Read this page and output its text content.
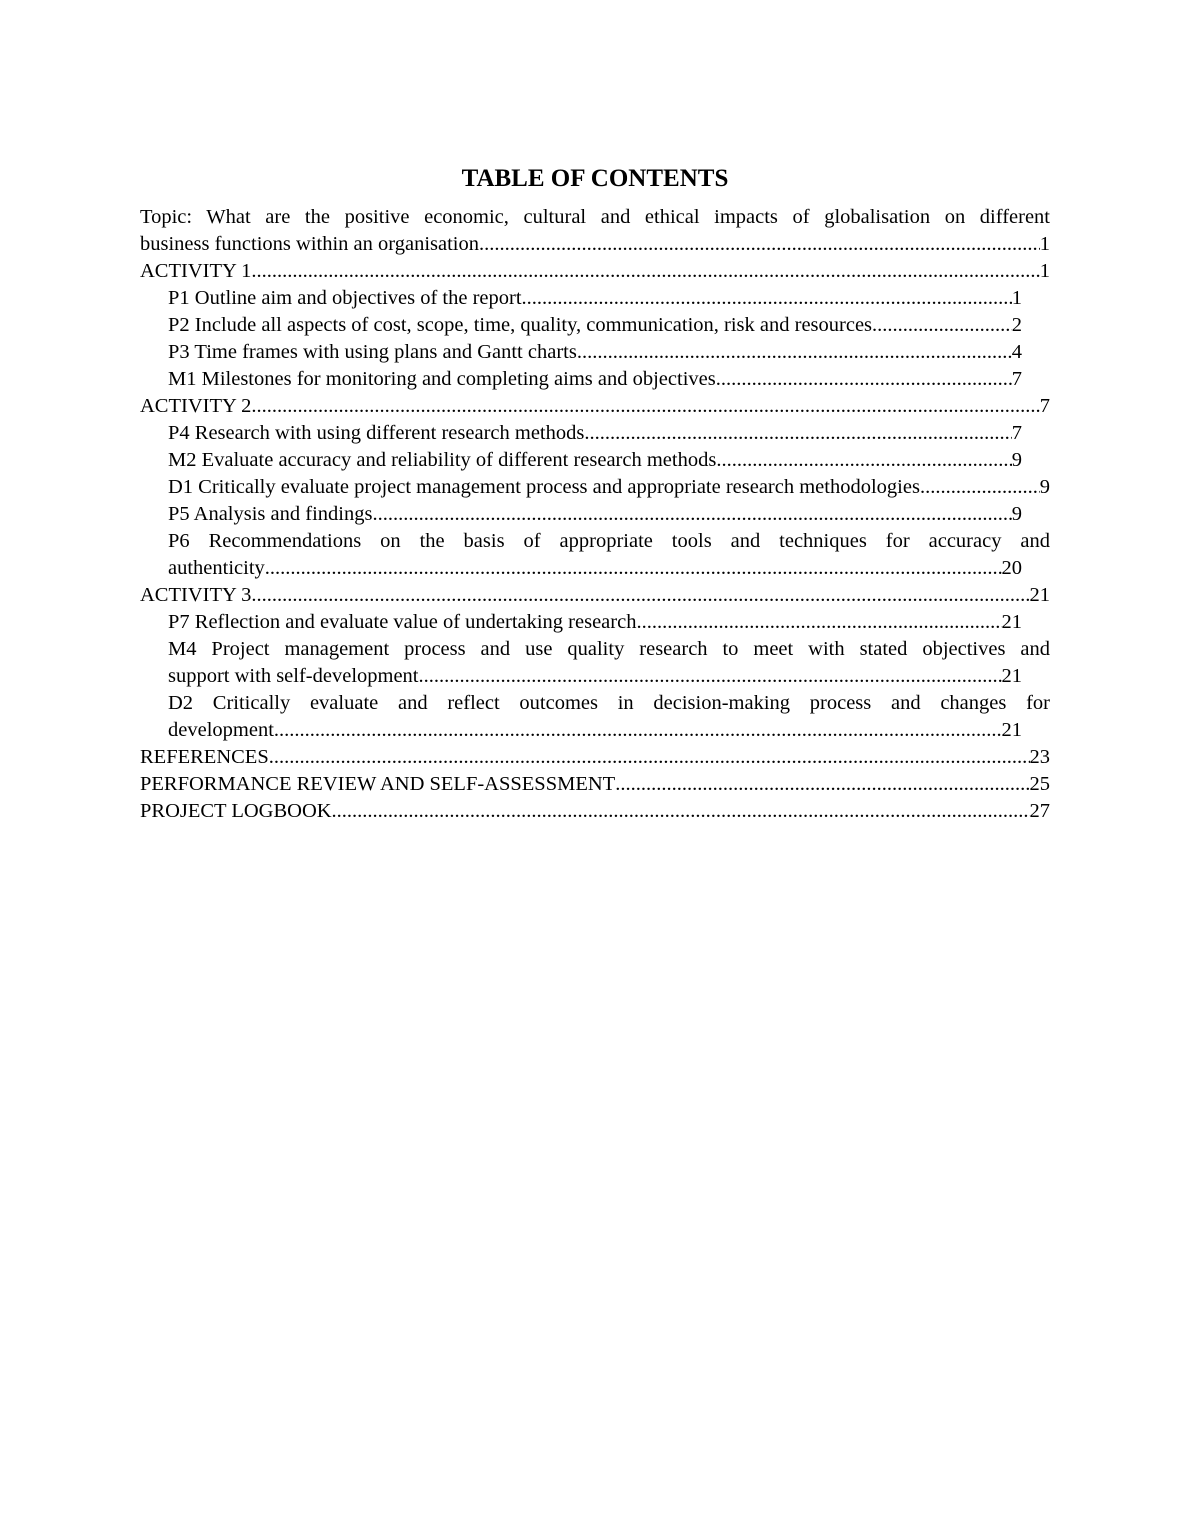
TABLE OF CONTENTS
Topic: What are the positive economic, cultural and ethical impacts of globalisation on different
business functions within an organisation .....	1
ACTIVITY 1 .....	1
P1 Outline aim and objectives of the report. .....	1
P2 Include all aspects of cost, scope, time, quality, communication, risk and resources. .....	2
P3 Time frames with using plans and Gantt charts .....	4
M1 Milestones for monitoring and completing aims and objectives .....	7
ACTIVITY 2 .....	7
P4 Research with using different research methods .....	7
M2 Evaluate accuracy and reliability of different research methods .....	9
D1 Critically evaluate project management process and appropriate research methodologies. .....	9
P5 Analysis and findings .....	9
P6 Recommendations on the basis of appropriate tools and techniques for accuracy and
authenticity .....	20
ACTIVITY 3 .....	21
P7 Reflection and evaluate value of undertaking research .....	21
M4 Project management process and use quality research to meet with stated objectives and
support with self-development .....	21
D2 Critically evaluate and reflect outcomes in decision-making process and changes for
development .....	21
REFERENCES .....	23
PERFORMANCE REVIEW AND SELF-ASSESSMENT .....	25
PROJECT LOGBOOK .....	27
